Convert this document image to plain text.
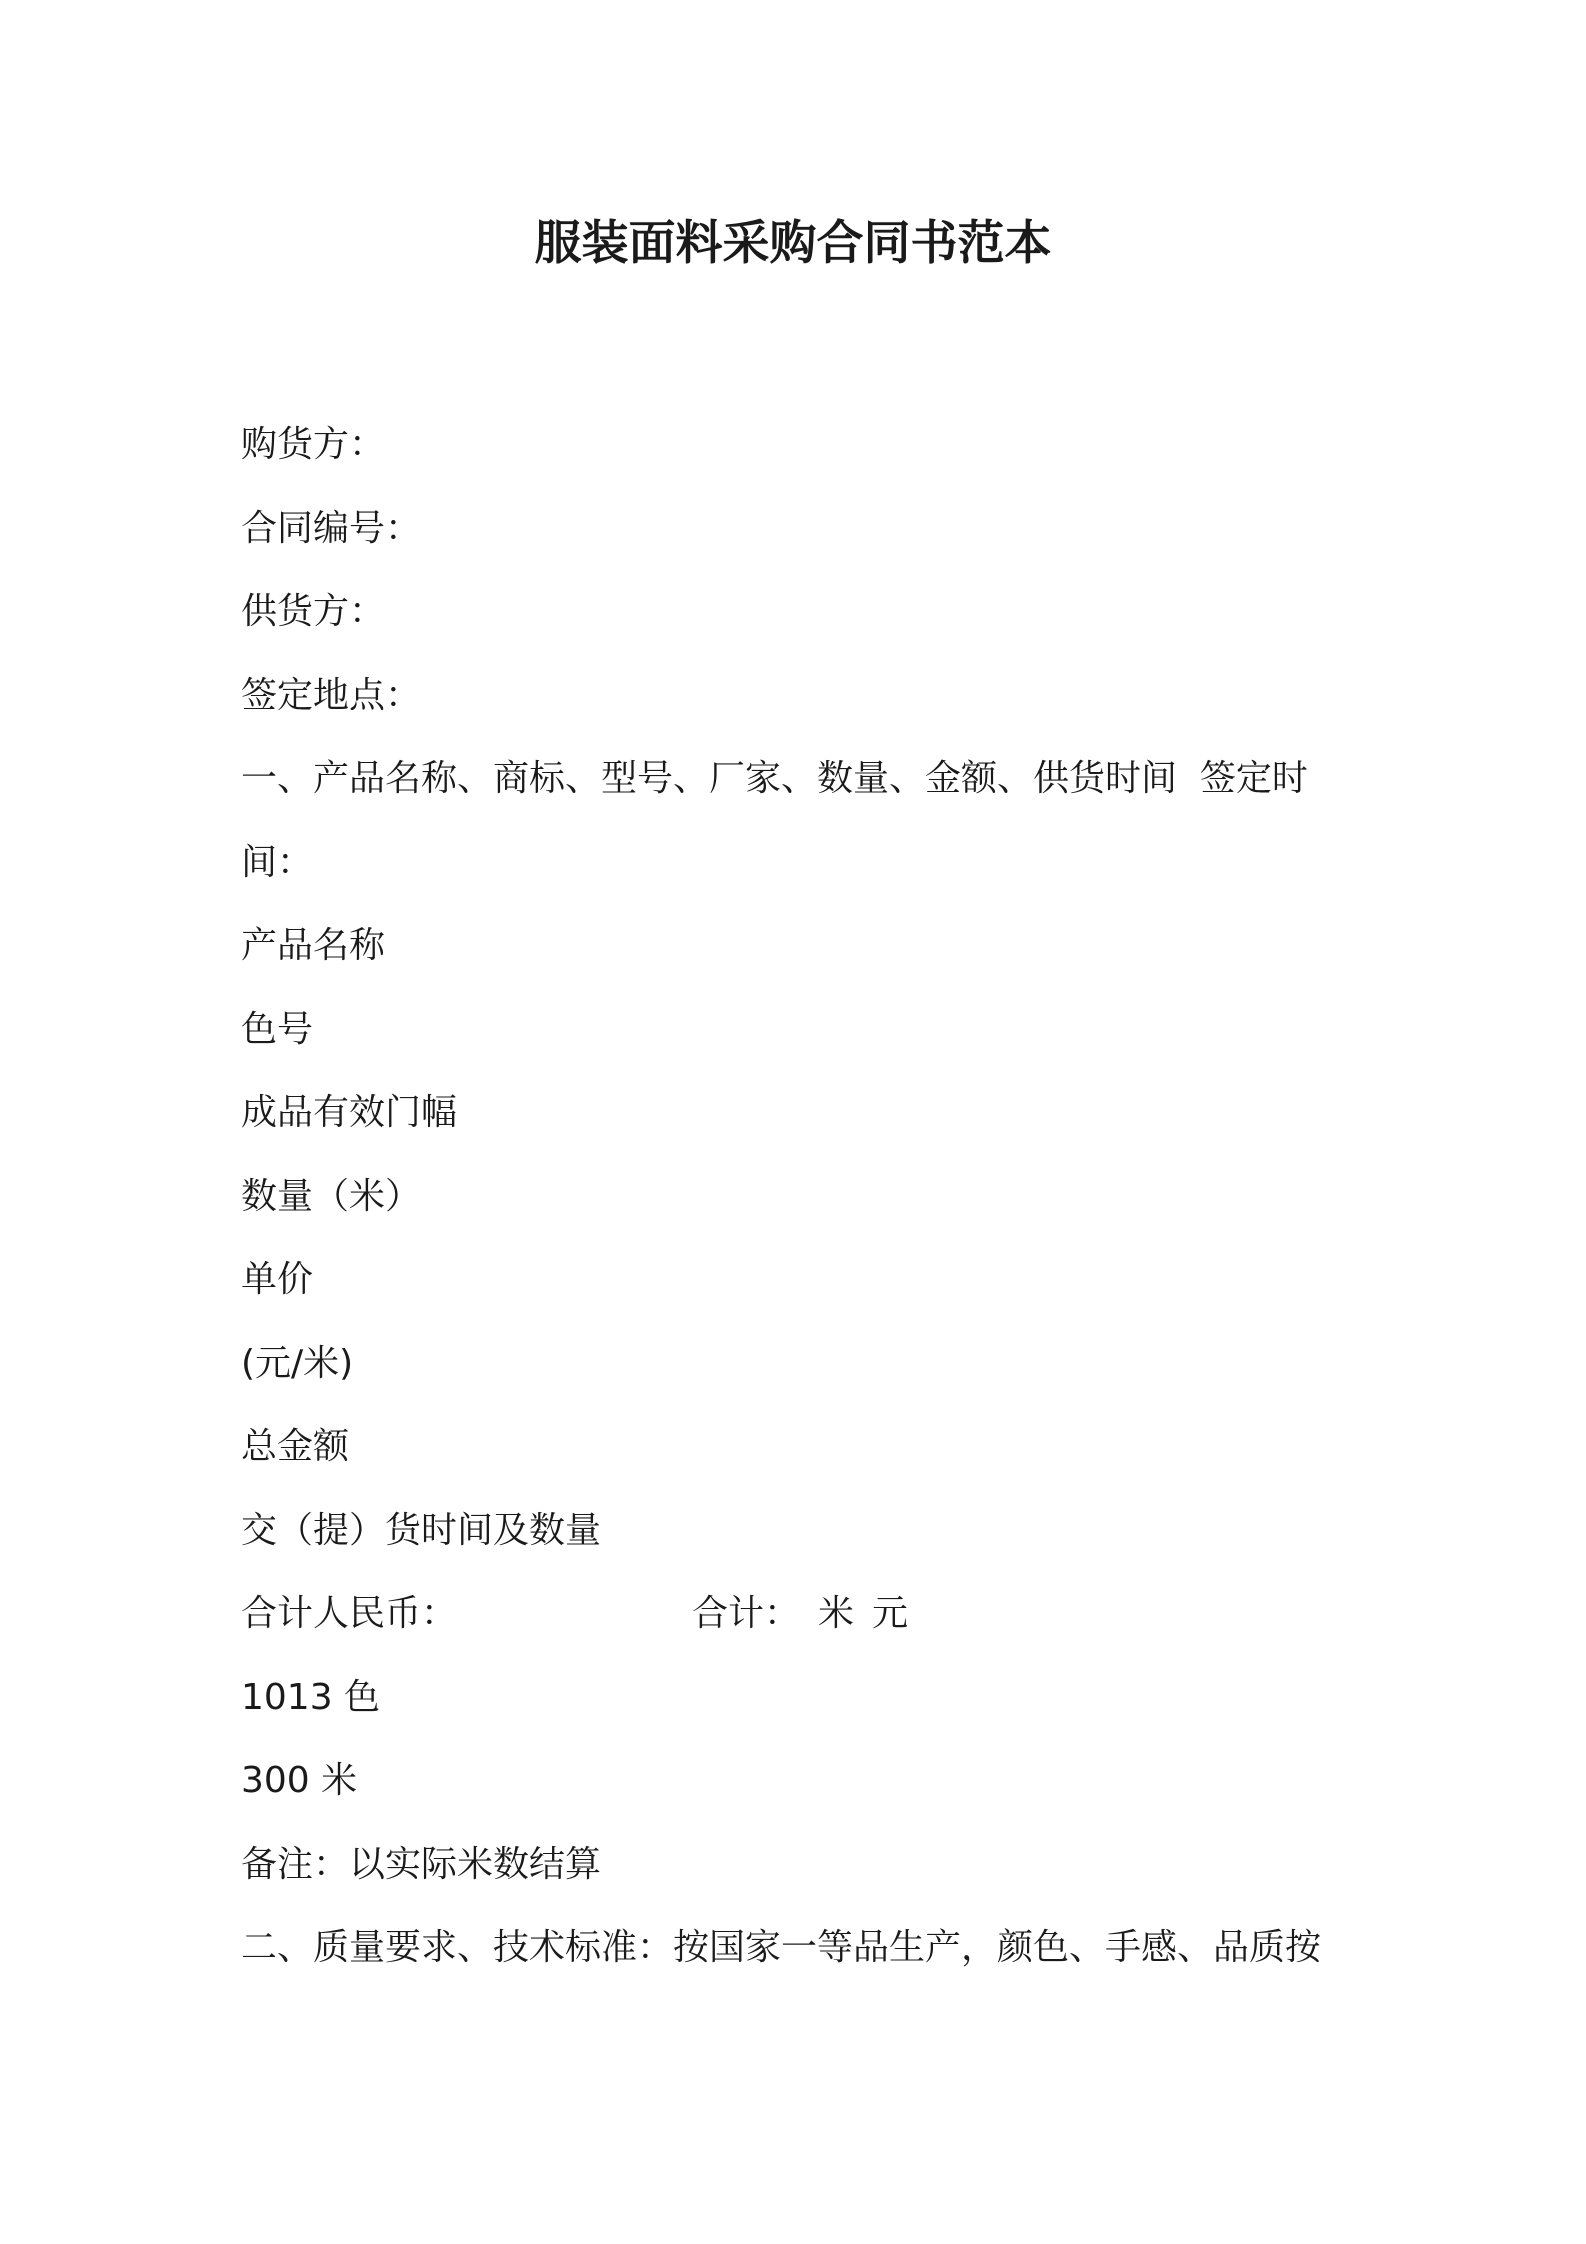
服装面料采购合同书范本

购货方：

合同编号：

供货方：

签定地点：

一、产品名称、商标、型号、厂家、数量、金额、供货时间  签定时

间：

产品名称

色号

成品有效门幅

数量（米）

单价

(元/米)

总金额

交（提）货时间及数量

合计人民币：	合计： 米 元

1013 色

300 米

备注：以实际米数结算

二、质量要求、技术标准：按国家一等品生产，颜色、手感、品质按
